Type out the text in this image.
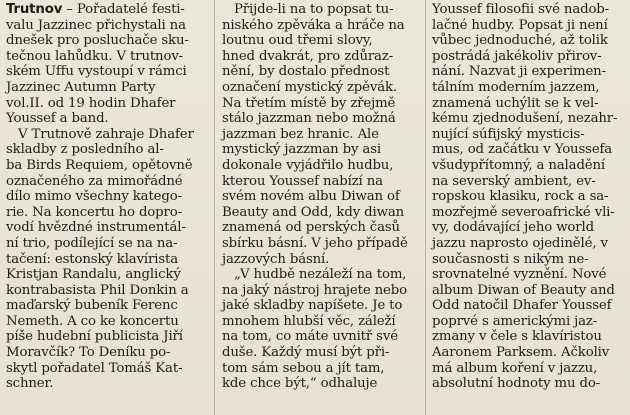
Trutnov – Pořadatelé festi-
valu Jazzinec přichystali na
dnešek pro posluchače sku-
tečnou lahůdku. V trutnov-
ském Uffu vystoupí v rámci
Jazzinec Autumn Party
vol.II. od 19 hodin Dhafer
Youssef a band.
V Trutnově zahraje Dhafer
skladby z posledního al-
ba Birds Requiem, opětovně
označeného za mimořádné
dílo mimo všechny katego-
rie. Na koncertu ho dopro-
vodí hvězdné instrumentál-
ní trio, podílející se na na-
tačení: estonský klavírista
Kristjan Randalu, anglický
kontrabasista Phil Donkin a
maďarský bubeník Ferenc
Nemeth. A co ke koncertu
píše hudební publicista Jiří
Moravčík? To Deníku po-
skytl pořadatel Tomáš Kat-
schner.
Přijde-li na to popsat tu-
niského zpěváka a hráče na
loutnu oud třemi slovy,
hned dvakrát, pro zdůraz-
nění, by dostalo přednost
označení mystický zpěvák.
Na třetím místě by zřejmě
stálo jazzman nebo možná
jazzman bez hranic. Ale
mystický jazzman by asi
dokonale vyjádřilo hudbu,
kterou Youssef nabízí na
svém novém albu Diwan of
Beauty and Odd, kdy diwan
znamená od perských časů
sbírku básní. V jeho případě
jazzových básní.
„V hudbě nezáleží na tom,
na jaký nástroj hrajete nebo
jaké skladby napíšete. Je to
mnohem hlubší věc, záleží
na tom, co máte uvnitř své
duše. Každý musí být při-
tom sám sebou a jít tam,
kde chce být,“ odhaluje
Youssef filosofii své nadob-
lačné hudby. Popsat ji není
vůbec jednoduché, až tolik
postrádá jakékoliv přirov-
nání. Nazvat ji experimen-
tálním moderním jazzem,
znamená uchýlit se k vel-
kému zjednodušení, nezahr-
nující súfijský mysticis-
mus, od začátku v Youssefa
všudypřítomný, a naladění
na severský ambient, ev-
ropskou klasiku, rock a sa-
mozřejmě severoafrické vli-
vy, dodávající jeho world
jazzu naprosto ojedinělé, v
současnosti s nikým ne-
srovnatelné vyznění. Nové
album Diwan of Beauty and
Odd natočil Dhafer Youssef
poprvé s americkými jaz-
zmany v čele s klavíristou
Aaronem Parksem. Ačkoliv
má album koření v jazzu,
absolutní hodnoty mu do-
